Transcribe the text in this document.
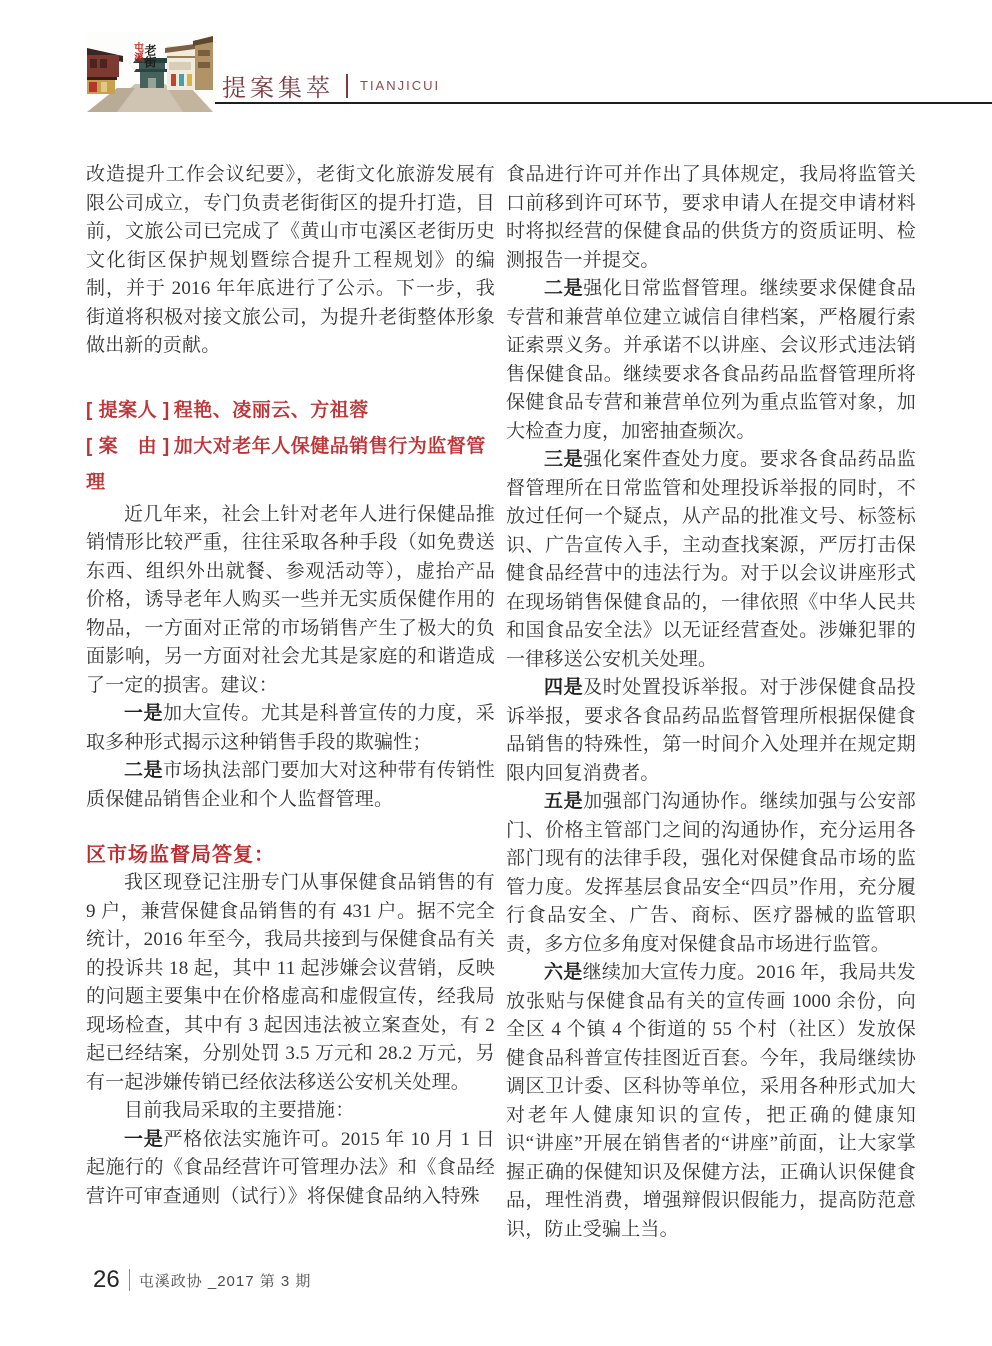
屯溪 老街
提案集萃 TIANJICUI

改造提升工作会议纪要》，老街文化旅游发展有限公司成立，专门负责老街街区的提升打造，目前，文旅公司已完成了《黄山市屯溪区老街历史文化街区保护规划暨综合提升工程规划》的编制，并于 2016 年年底进行了公示。下一步，我街道将积极对接文旅公司，为提升老街整体形象做出新的贡献。

[ 提案人 ] 程艳、凌丽云、方祖蓉
[ 案　由 ] 加大对老年人保健品销售行为监督管理

近几年来，社会上针对老年人进行保健品推销情形比较严重，往往采取各种手段（如免费送东西、组织外出就餐、参观活动等），虚抬产品价格，诱导老年人购买一些并无实质保健作用的物品，一方面对正常的市场销售产生了极大的负面影响，另一方面对社会尤其是家庭的和谐造成了一定的损害。建议：

一是加大宣传。尤其是科普宣传的力度，采取多种形式揭示这种销售手段的欺骗性；

二是市场执法部门要加大对这种带有传销性质保健品销售企业和个人监督管理。

区市场监督局答复：

我区现登记注册专门从事保健食品销售的有 9 户，兼营保健食品销售的有 431 户。据不完全统计，2016 年至今，我局共接到与保健食品有关的投诉共 18 起，其中 11 起涉嫌会议营销，反映的问题主要集中在价格虚高和虚假宣传，经我局现场检查，其中有 3 起因违法被立案查处，有 2 起已经结案，分别处罚 3.5 万元和 28.2 万元，另有一起涉嫌传销已经依法移送公安机关处理。

目前我局采取的主要措施：

一是严格依法实施许可。2015 年 10 月 1 日起施行的《食品经营许可管理办法》和《食品经营许可审查通则（试行）》将保健食品纳入特殊

食品进行许可并作出了具体规定，我局将监管关口前移到许可环节，要求申请人在提交申请材料时将拟经营的保健食品的供货方的资质证明、检测报告一并提交。

二是强化日常监督管理。继续要求保健食品专营和兼营单位建立诚信自律档案，严格履行索证索票义务。并承诺不以讲座、会议形式违法销售保健食品。继续要求各食品药品监督管理所将保健食品专营和兼营单位列为重点监管对象，加大检查力度，加密抽查频次。

三是强化案件查处力度。要求各食品药品监督管理所在日常监管和处理投诉举报的同时，不放过任何一个疑点，从产品的批准文号、标签标识、广告宣传入手，主动查找案源，严厉打击保健食品经营中的违法行为。对于以会议讲座形式在现场销售保健食品的，一律依照《中华人民共和国食品安全法》以无证经营查处。涉嫌犯罪的一律移送公安机关处理。

四是及时处置投诉举报。对于涉保健食品投诉举报，要求各食品药品监督管理所根据保健食品销售的特殊性，第一时间介入处理并在规定期限内回复消费者。

五是加强部门沟通协作。继续加强与公安部门、价格主管部门之间的沟通协作，充分运用各部门现有的法律手段，强化对保健食品市场的监管力度。发挥基层食品安全“四员”作用，充分履行食品安全、广告、商标、医疗器械的监管职责，多方位多角度对保健食品市场进行监管。

六是继续加大宣传力度。2016 年，我局共发放张贴与保健食品有关的宣传画 1000 余份，向全区 4 个镇 4 个街道的 55 个村（社区）发放保健食品科普宣传挂图近百套。今年，我局继续协调区卫计委、区科协等单位，采用各种形式加大对老年人健康知识的宣传，把正确的健康知识“讲座”开展在销售者的“讲座”前面，让大家掌握正确的保健知识及保健方法，正确认识保健食品，理性消费，增强辩假识假能力，提高防范意识，防止受骗上当。

26 屯溪政协 _2017 第 3 期
